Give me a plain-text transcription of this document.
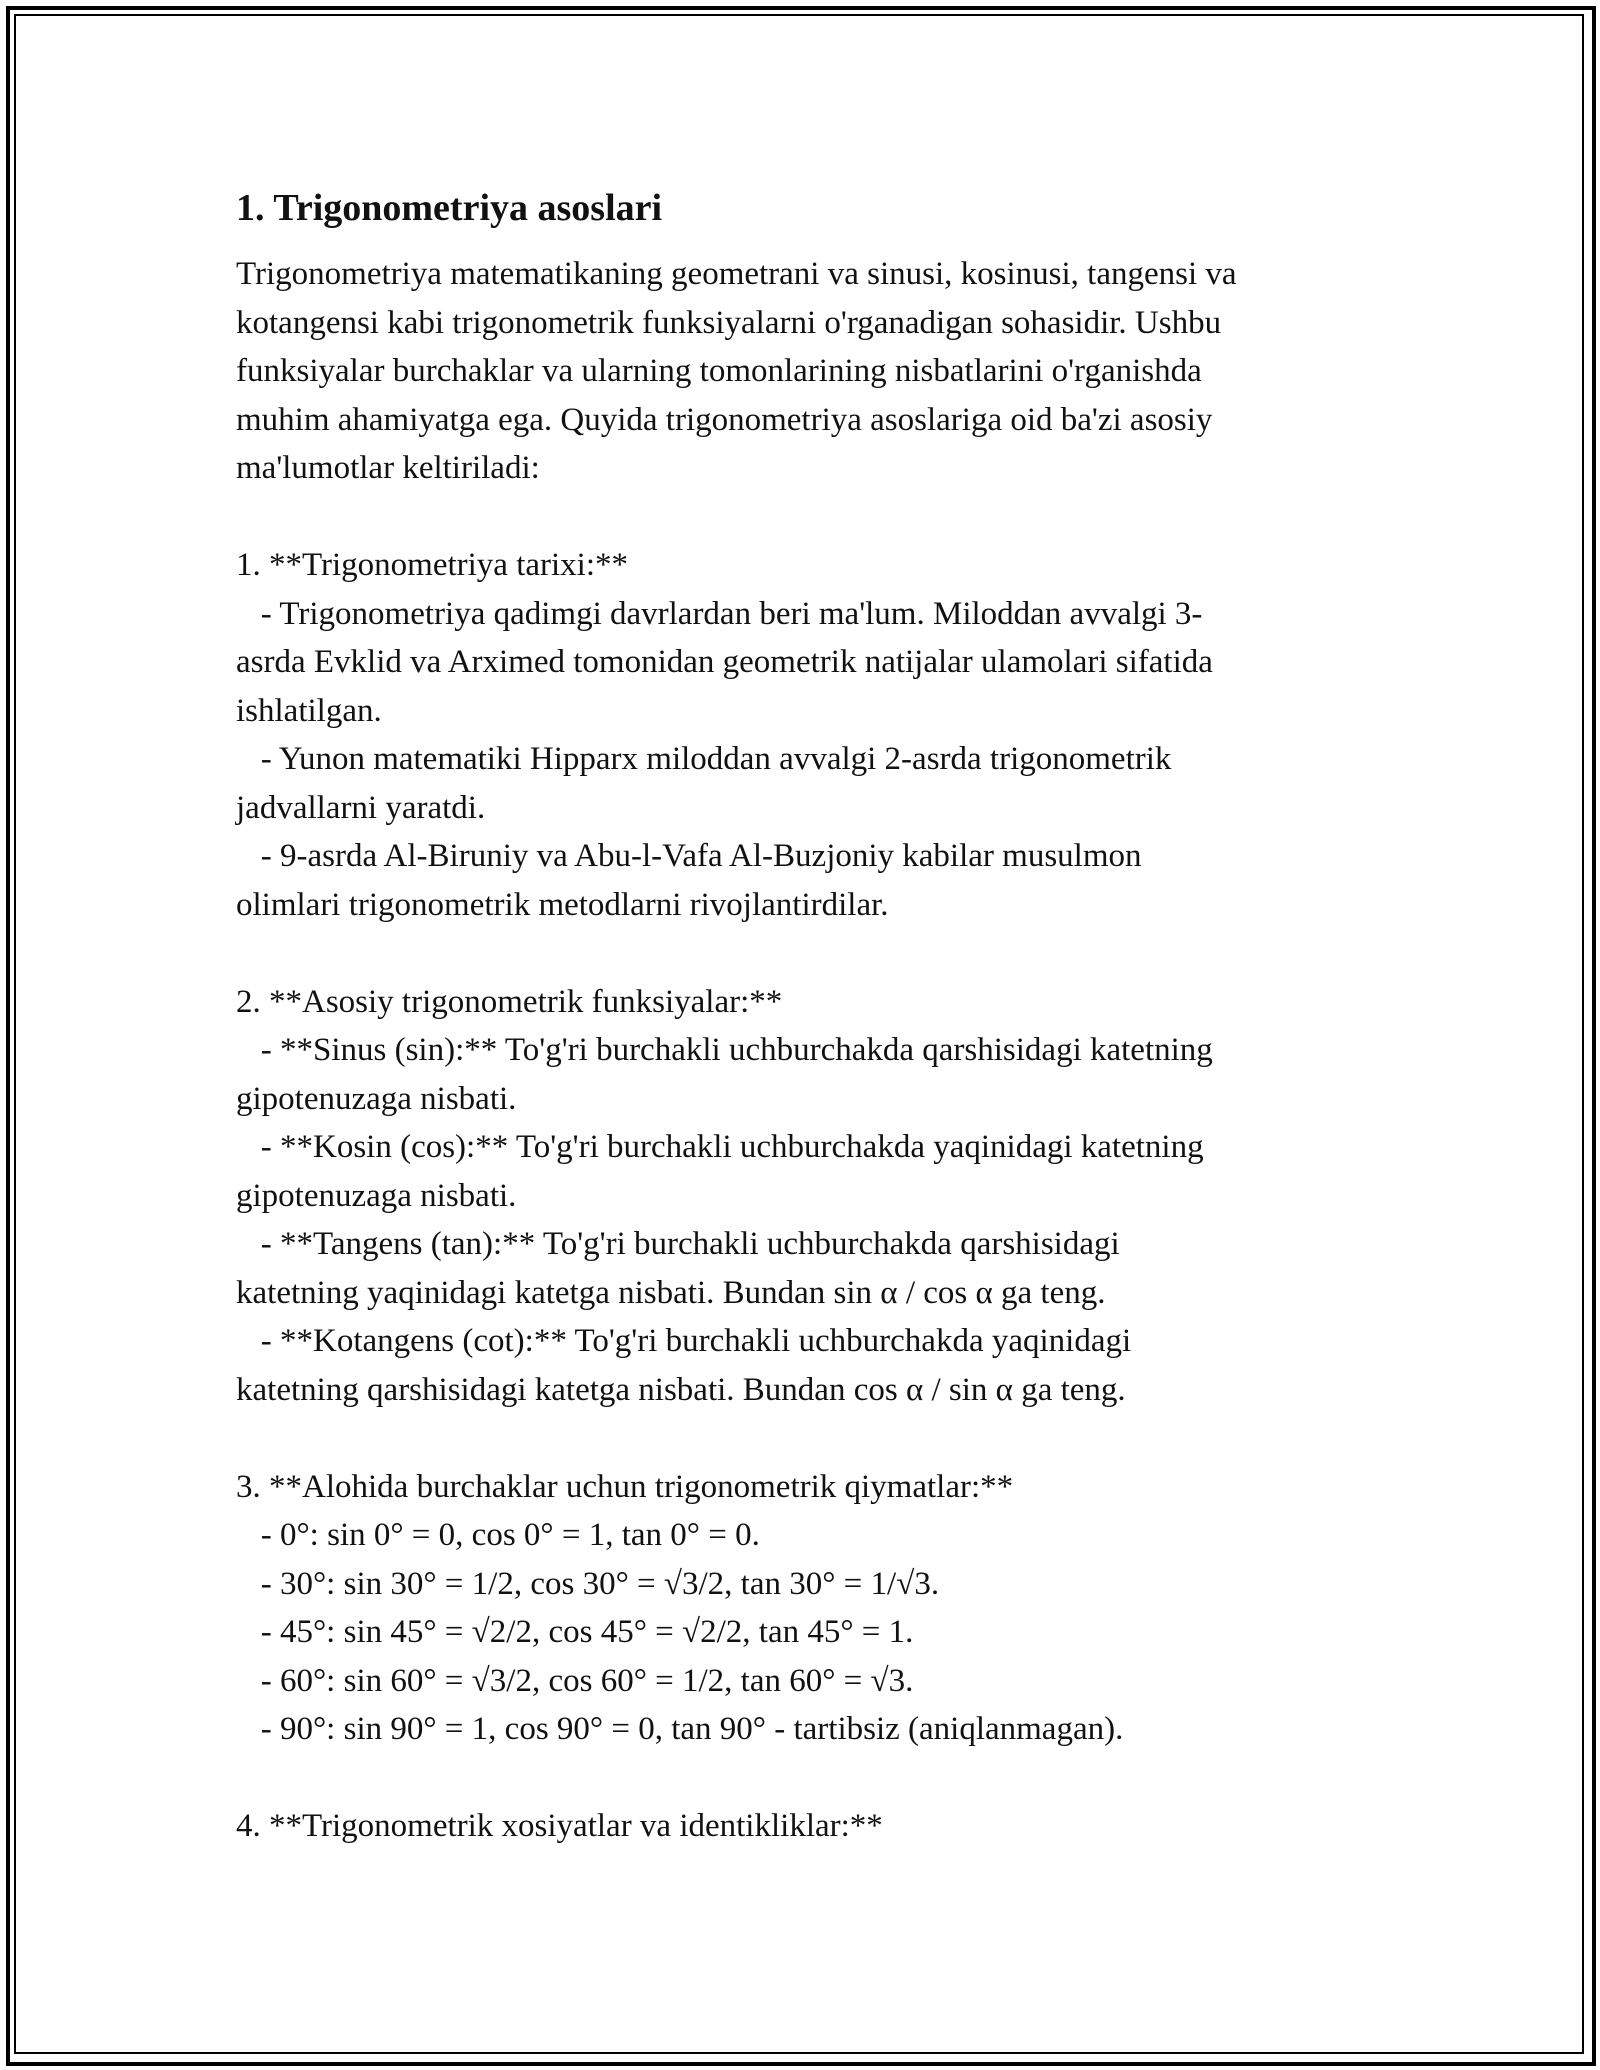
1. Trigonometriya asoslari

Trigonometriya matematikaning geometrani va sinusi, kosinusi, tangensi va
kotangensi kabi trigonometrik funksiyalarni o'rganadigan sohasidir. Ushbu
funksiyalar burchaklar va ularning tomonlarining nisbatlarini o'rganishda
muhim ahamiyatga ega. Quyida trigonometriya asoslariga oid ba'zi asosiy
ma'lumotlar keltiriladi:

1. **Trigonometriya tarixi:**
- Trigonometriya qadimgi davrlardan beri ma'lum. Miloddan avvalgi 3-
asrda Evklid va Arximed tomonidan geometrik natijalar ulamolari sifatida
ishlatilgan.
- Yunon matematiki Hipparx miloddan avvalgi 2-asrda trigonometrik
jadvallarni yaratdi.
- 9-asrda Al-Biruniy va Abu-l-Vafa Al-Buzjoniy kabilar musulmon
olimlari trigonometrik metodlarni rivojlantirdilar.

2. **Asosiy trigonometrik funksiyalar:**
- **Sinus (sin):** To'g'ri burchakli uchburchakda qarshisidagi katetning
gipotenuzaga nisbati.
- **Kosin (cos):** To'g'ri burchakli uchburchakda yaqinidagi katetning
gipotenuzaga nisbati.
- **Tangens (tan):** To'g'ri burchakli uchburchakda qarshisidagi
katetning yaqinidagi katetga nisbati. Bundan sin α / cos α ga teng.
- **Kotangens (cot):** To'g'ri burchakli uchburchakda yaqinidagi
katetning qarshisidagi katetga nisbati. Bundan cos α / sin α ga teng.

3. **Alohida burchaklar uchun trigonometrik qiymatlar:**
- 0°: sin 0° = 0, cos 0° = 1, tan 0° = 0.
- 30°: sin 30° = 1/2, cos 30° = √3/2, tan 30° = 1/√3.
- 45°: sin 45° = √2/2, cos 45° = √2/2, tan 45° = 1.
- 60°: sin 60° = √3/2, cos 60° = 1/2, tan 60° = √3.
- 90°: sin 90° = 1, cos 90° = 0, tan 90° - tartibsiz (aniqlanmagan).

4. **Trigonometrik xosiyatlar va identikliklar:**
